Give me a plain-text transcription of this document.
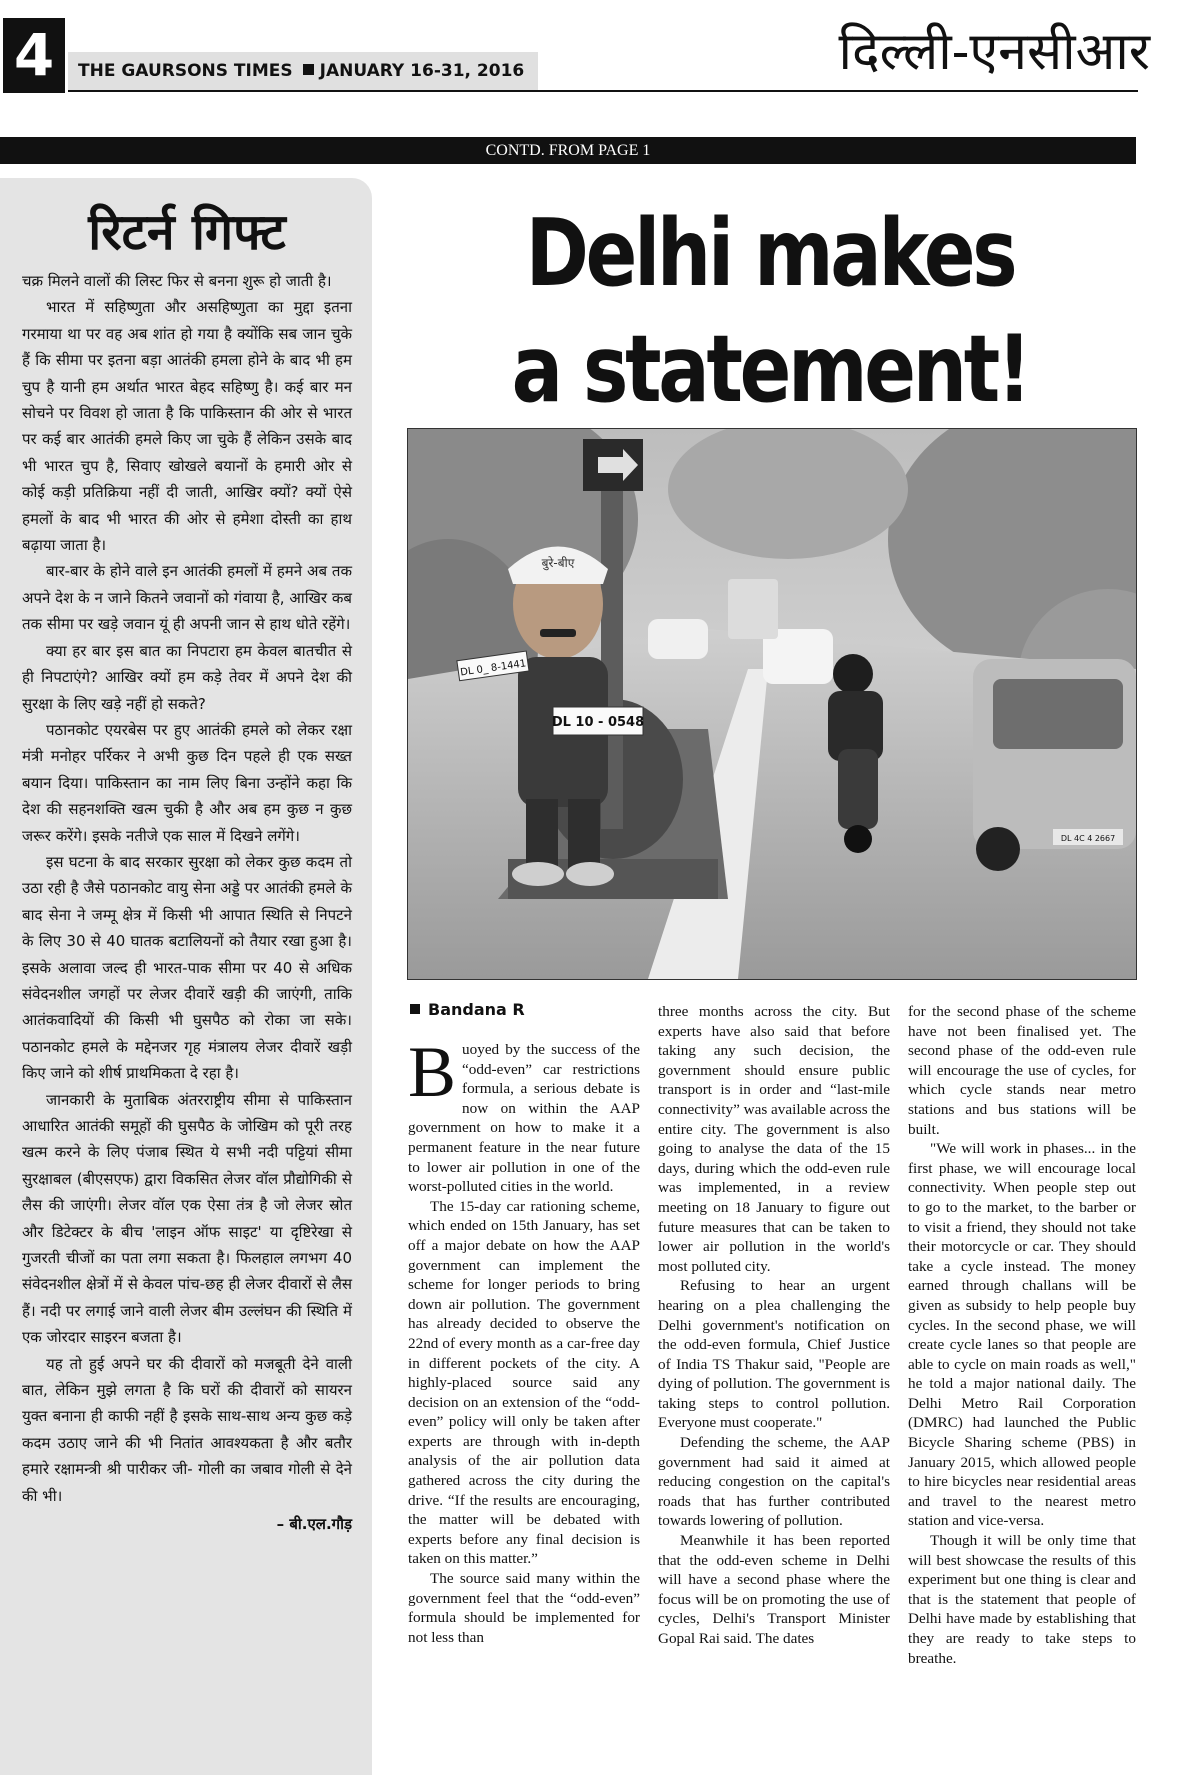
4	THE GAURSONS TIMES JANUARY 16-31, 2016	दिल्ली-एनसीआर
CONTD. FROM PAGE 1
रिटर्न गिफ्ट

चक्र मिलने वालों की लिस्ट फिर से बनना शुरू हो जाती है।

भारत में सहिष्णुता और असहिष्णुता का मुद्दा इतना गरमाया था पर वह अब शांत हो गया है क्योंकि सब जान चुके हैं कि सीमा पर इतना बड़ा आतंकी हमला होने के बाद भी हम चुप है यानी हम अर्थात भारत बेहद सहिष्णु है। कई बार मन सोचने पर विवश हो जाता है कि पाकिस्तान की ओर से भारत पर कई बार आतंकी हमले किए जा चुके हैं लेकिन उसके बाद भी भारत चुप है, सिवाए खोखले बयानों के हमारी ओर से कोई कड़ी प्रतिक्रिया नहीं दी जाती, आखिर क्यों? क्यों ऐसे हमलों के बाद भी भारत की ओर से हमेशा दोस्ती का हाथ बढ़ाया जाता है।

बार-बार के होने वाले इन आतंकी हमलों में हमने अब तक अपने देश के न जाने कितने जवानों को गंवाया है, आखिर कब तक सीमा पर खड़े जवान यूं ही अपनी जान से हाथ धोते रहेंगे।

क्या हर बार इस बात का निपटारा हम केवल बातचीत से ही निपटाएंगे? आखिर क्यों हम कड़े तेवर में अपने देश की सुरक्षा के लिए खड़े नहीं हो सकते?

पठानकोट एयरबेस पर हुए आतंकी हमले को लेकर रक्षा मंत्री मनोहर पर्रिकर ने अभी कुछ दिन पहले ही एक सख्त बयान दिया। पाकिस्तान का नाम लिए बिना उन्होंने कहा कि देश की सहनशक्ति खत्म चुकी है और अब हम कुछ न कुछ जरूर करेंगे। इसके नतीजे एक साल में दिखने लगेंगे।

इस घटना के बाद सरकार सुरक्षा को लेकर कुछ कदम तो उठा रही है जैसे पठानकोट वायु सेना अड्डे पर आतंकी हमले के बाद सेना ने जम्मू क्षेत्र में किसी भी आपात स्थिति से निपटने के लिए 30 से 40 घातक बटालियनों को तैयार रखा हुआ है। इसके अलावा जल्द ही भारत-पाक सीमा पर 40 से अधिक संवेदनशील जगहों पर लेजर दीवारें खड़ी की जाएंगी, ताकि आतंकवादियों की किसी भी घुसपैठ को रोका जा सके। पठानकोट हमले के मद्देनजर गृह मंत्रालय लेजर दीवारें खड़ी किए जाने को शीर्ष प्राथमिकता दे रहा है।

जानकारी के मुताबिक अंतरराष्ट्रीय सीमा से पाकिस्तान आधारित आतंकी समूहों की घुसपैठ के जोखिम को पूरी तरह खत्म करने के लिए पंजाब स्थित ये सभी नदी पट्टियां सीमा सुरक्षाबल (बीएसएफ) द्वारा विकसित लेजर वॉल प्रौद्योगिकी से लैस की जाएंगी। लेजर वॉल एक ऐसा तंत्र है जो लेजर स्रोत और डिटेक्टर के बीच 'लाइन ऑफ साइट' या दृष्टिरेखा से गुजरती चीजों का पता लगा सकता है। फिलहाल लगभग 40 संवेदनशील क्षेत्रों में से केवल पांच-छह ही लेजर दीवारों से लैस हैं। नदी पर लगाई जाने वाली लेजर बीम उल्लंघन की स्थिति में एक जोरदार साइरन बजता है।

यह तो हुई अपने घर की दीवारों को मजबूती देने वाली बात, लेकिन मुझे लगता है कि घरों की दीवारों को सायरन युक्त बनाना ही काफी नहीं है इसके साथ-साथ अन्य कुछ कड़े कदम उठाए जाने की भी नितांत आवश्यकता है और बतौर हमारे रक्षामन्त्री श्री पारीकर जी- गोली का जबाव गोली से देने की भी।

– बी.एल.गौड़
Delhi makes
a statement!
बुरे-बीए
DL 0_ 8-1441
DL 10 - 0548
DL 4C 4 2667
Bandana R

Buoyed by the success of the “odd-even” car restrictions formula, a serious debate is now on within the AAP government on how to make it a permanent feature in the near future to lower air pollution in one of the worst-polluted cities in the world.

The 15-day car rationing scheme, which ended on 15th January, has set off a major debate on how the AAP government can implement the scheme for longer periods to bring down air pollution. The government has already decided to observe the 22nd of every month as a car-free day in different pockets of the city. A highly-placed source said any decision on an extension of the “odd-even” policy will only be taken after experts are through with in-depth analysis of the air pollution data gathered across the city during the drive. “If the results are encouraging, the matter will be debated with experts before any final decision is taken on this matter.”

The source said many within the government feel that the “odd-even” formula should be implemented for not less than

three months across the city. But experts have also said that before taking any such decision, the government should ensure public transport is in order and “last-mile connectivity” was available across the entire city. The government is also going to analyse the data of the 15 days, during which the odd-even rule was implemented, in a review meeting on 18 January to figure out future measures that can be taken to lower air pollution in the world's most polluted city.

Refusing to hear an urgent hearing on a plea challenging the Delhi government's notification on the odd-even formula, Chief Justice of India TS Thakur said, "People are dying of pollution. The government is taking steps to control pollution. Everyone must cooperate."

Defending the scheme, the AAP government had said it aimed at reducing congestion on the capital's roads that has further contributed towards lowering of pollution.

Meanwhile it has been reported that the odd-even scheme in Delhi will have a second phase where the focus will be on promoting the use of cycles, Delhi's Transport Minister Gopal Rai said. The dates

for the second phase of the scheme have not been finalised yet. The second phase of the odd-even rule will encourage the use of cycles, for which cycle stands near metro stations and bus stations will be built.

"We will work in phases... in the first phase, we will encourage local connectivity. When people step out to go to the market, to the barber or to visit a friend, they should not take their motorcycle or car. They should take a cycle instead. The money earned through challans will be given as subsidy to help people buy cycles. In the second phase, we will create cycle lanes so that people are able to cycle on main roads as well," he told a major national daily. The Delhi Metro Rail Corporation (DMRC) had launched the Public Bicycle Sharing scheme (PBS) in January 2015, which allowed people to hire bicycles near residential areas and travel to the nearest metro station and vice-versa.

Though it will be only time that will best showcase the results of this experiment but one thing is clear and that is the statement that people of Delhi have made by establishing that they are ready to take steps to breathe.
